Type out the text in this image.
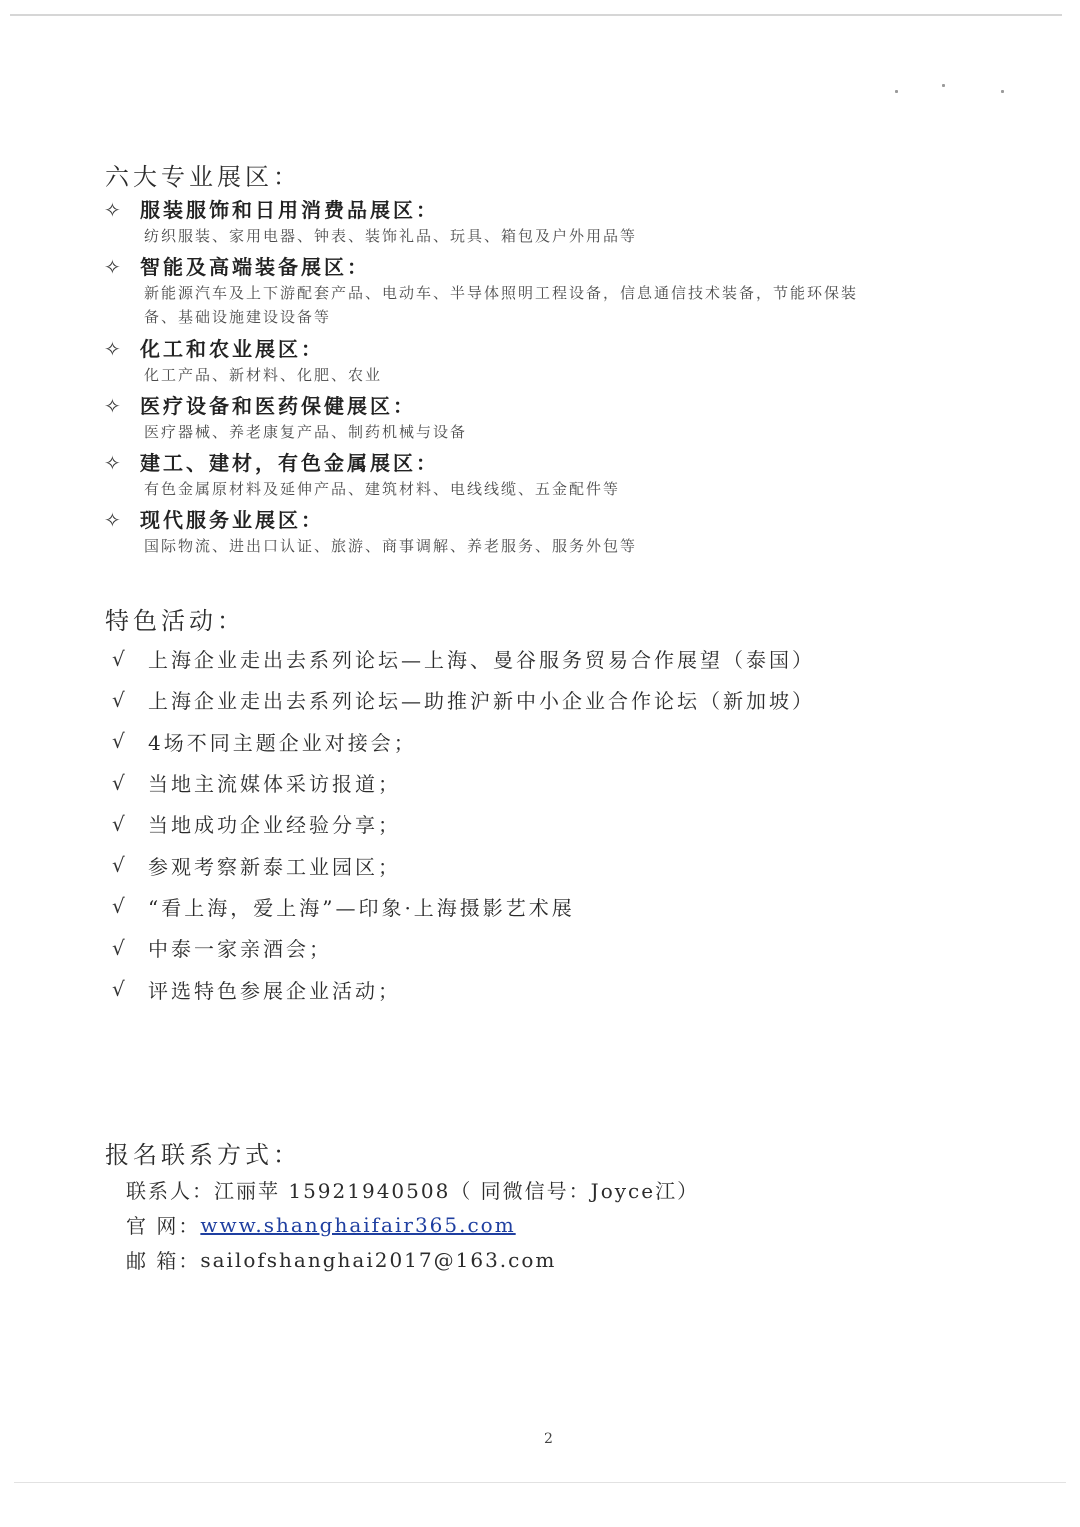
六大专业展区：
✧ 服装服饰和日用消费品展区：
纺织服装、家用电器、钟表、装饰礼品、玩具、箱包及户外用品等
✧ 智能及高端装备展区：
新能源汽车及上下游配套产品、电动车、半导体照明工程设备，信息通信技术装备，节能环保装备、基础设施建设设备等
✧ 化工和农业展区：
化工产品、新材料、化肥、农业
✧ 医疗设备和医药保健展区：
医疗器械、养老康复产品、制药机械与设备
✧ 建工、建材，有色金属展区：
有色金属原材料及延伸产品、建筑材料、电线线缆、五金配件等
✧ 现代服务业展区：
国际物流、进出口认证、旅游、商事调解、养老服务、服务外包等
特色活动：
√	上海企业走出去系列论坛—上海、曼谷服务贸易合作展望（泰国）
√	上海企业走出去系列论坛—助推沪新中小企业合作论坛（新加坡）
√	4场不同主题企业对接会；
√	当地主流媒体采访报道；
√	当地成功企业经验分享；
√	参观考察新泰工业园区；
√	“看上海，爱上海”—印象·上海摄影艺术展
√	中泰一家亲酒会；
√	评选特色参展企业活动；
报名联系方式：
联系人： 江丽苹 15921940508（ 同微信号：Joyce江）
官 网： www.shanghaifair365.com
邮 箱： sailofshanghai2017@163.com
2
